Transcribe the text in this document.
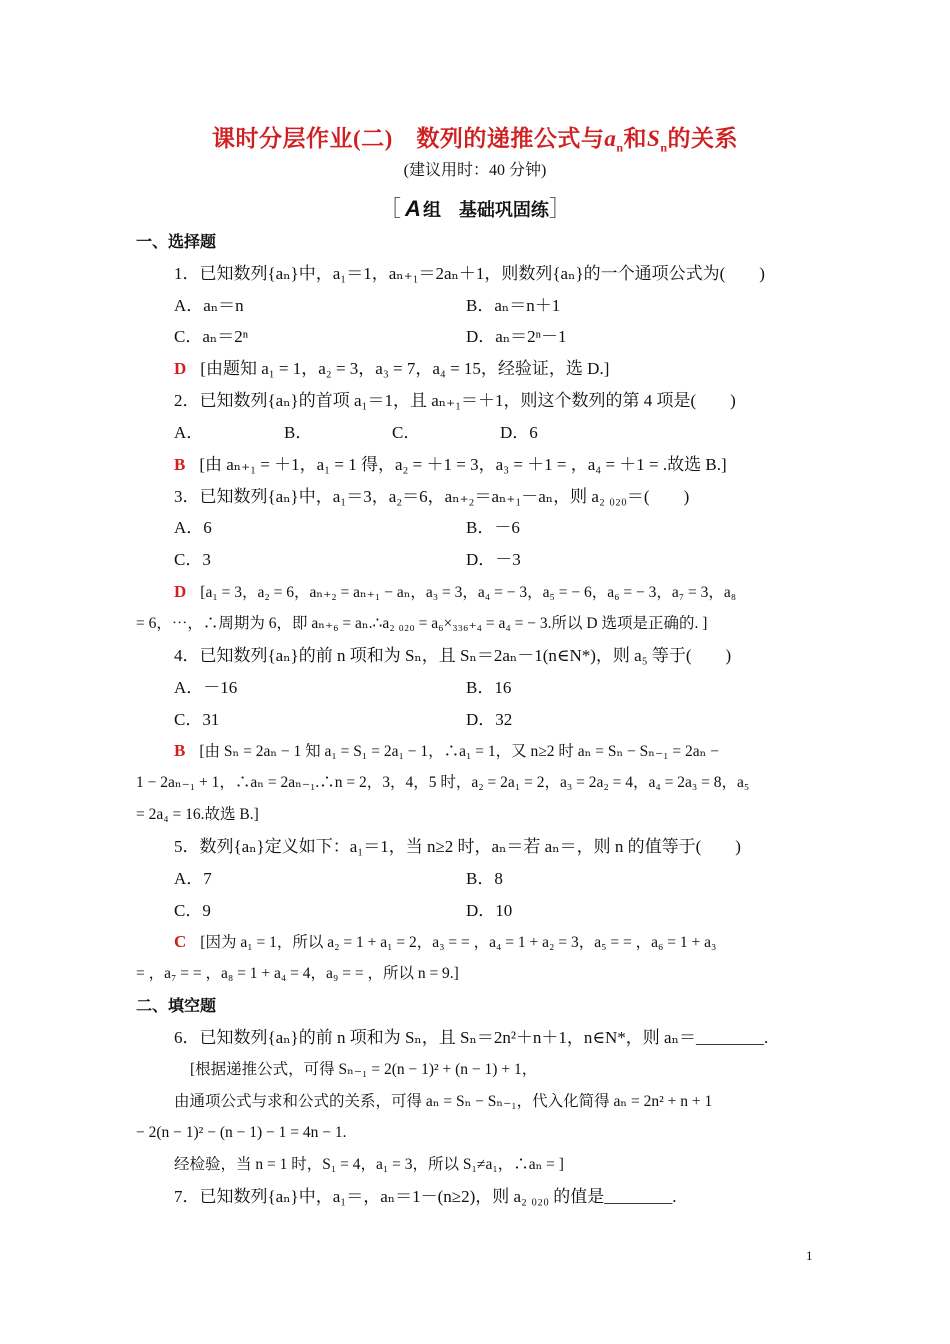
课时分层作业(二)　数列的递推公式与$a_n$和$S_n$的关系
(建议用时：40 分钟)
［ A 组　基础巩固练］
一、选择题
1．已知数列{aₙ}中，a₁＝1，aₙ₊₁＝2aₙ＋1，则数列{aₙ}的一个通项公式为(　　)
A．aₙ＝n	B．aₙ＝n＋1
C．aₙ＝2ⁿ	D．aₙ＝2ⁿ－1
D [由题知 a₁ = 1，a₂ = 3，a₃ = 7，a₄ = 15，经验证，选 D.]
2．已知数列{aₙ}的首项 a₁＝1，且 aₙ₊₁＝＋1，则这个数列的第 4 项是(　　)
A．	B．	C．	D．6
B [由 aₙ₊₁ = ＋1，a₁ = 1 得，a₂ = ＋1 = 3，a₃ = ＋1 = ，a₄ = ＋1 = .故选 B.]
3．已知数列{aₙ}中，a₁＝3，a₂＝6，aₙ₊₂＝aₙ₊₁－aₙ，则 a₂ ₀₂₀＝(　　)
A．6	B．－6
C．3	D．－3
D [a₁ = 3，a₂ = 6，aₙ₊₂ = aₙ₊₁ − aₙ，a₃ = 3，a₄ = − 3，a₅ = − 6，a₆ = − 3，a₇ = 3，a₈
= 6，⋯，∴周期为 6，即 aₙ₊₆ = aₙ.∴a₂ ₀₂₀ = a₆×₃₃₆₊₄ = a₄ = − 3.所以 D 选项是正确的. ]
4．已知数列{aₙ}的前 n 项和为 Sₙ，且 Sₙ＝2aₙ－1(n∈N*)，则 a₅ 等于(　　)
A．－16	B．16
C．31	D．32
B [由 Sₙ = 2aₙ − 1 知 a₁ = S₁ = 2a₁ − 1，∴a₁ = 1，又 n≥2 时 aₙ = Sₙ − Sₙ₋₁ = 2aₙ −
1 − 2aₙ₋₁ + 1，∴aₙ = 2aₙ₋₁.∴n = 2，3，4，5 时，a₂ = 2a₁ = 2，a₃ = 2a₂ = 4，a₄ = 2a₃ = 8，a₅
= 2a₄ = 16.故选 B.]
5．数列{aₙ}定义如下：a₁＝1，当 n≥2 时，aₙ＝若 aₙ＝，则 n 的值等于(　　)
A．7	B．8
C．9	D．10
C [因为 a₁ = 1，所以 a₂ = 1 + a₁ = 2，a₃ = = ，a₄ = 1 + a₂ = 3，a₅ = = ，a₆ = 1 + a₃
= ，a₇ = = ，a₈ = 1 + a₄ = 4，a₉ = = ，所以 n = 9.]
二、填空题
6．已知数列{aₙ}的前 n 项和为 Sₙ，且 Sₙ＝2n²＋n＋1，n∈N*，则 aₙ＝________.
[根据递推公式，可得 Sₙ₋₁ = 2(n − 1)² + (n − 1) + 1，
由通项公式与求和公式的关系，可得 aₙ = Sₙ − Sₙ₋₁，代入化简得 aₙ = 2n² + n + 1
− 2(n − 1)² − (n − 1) − 1 = 4n − 1.
经检验，当 n = 1 时，S₁ = 4，a₁ = 3，所以 S₁≠a₁，∴aₙ = ]
7．已知数列{aₙ}中，a₁＝，aₙ＝1－(n≥2)，则 a₂ ₀₂₀ 的值是________.
1
